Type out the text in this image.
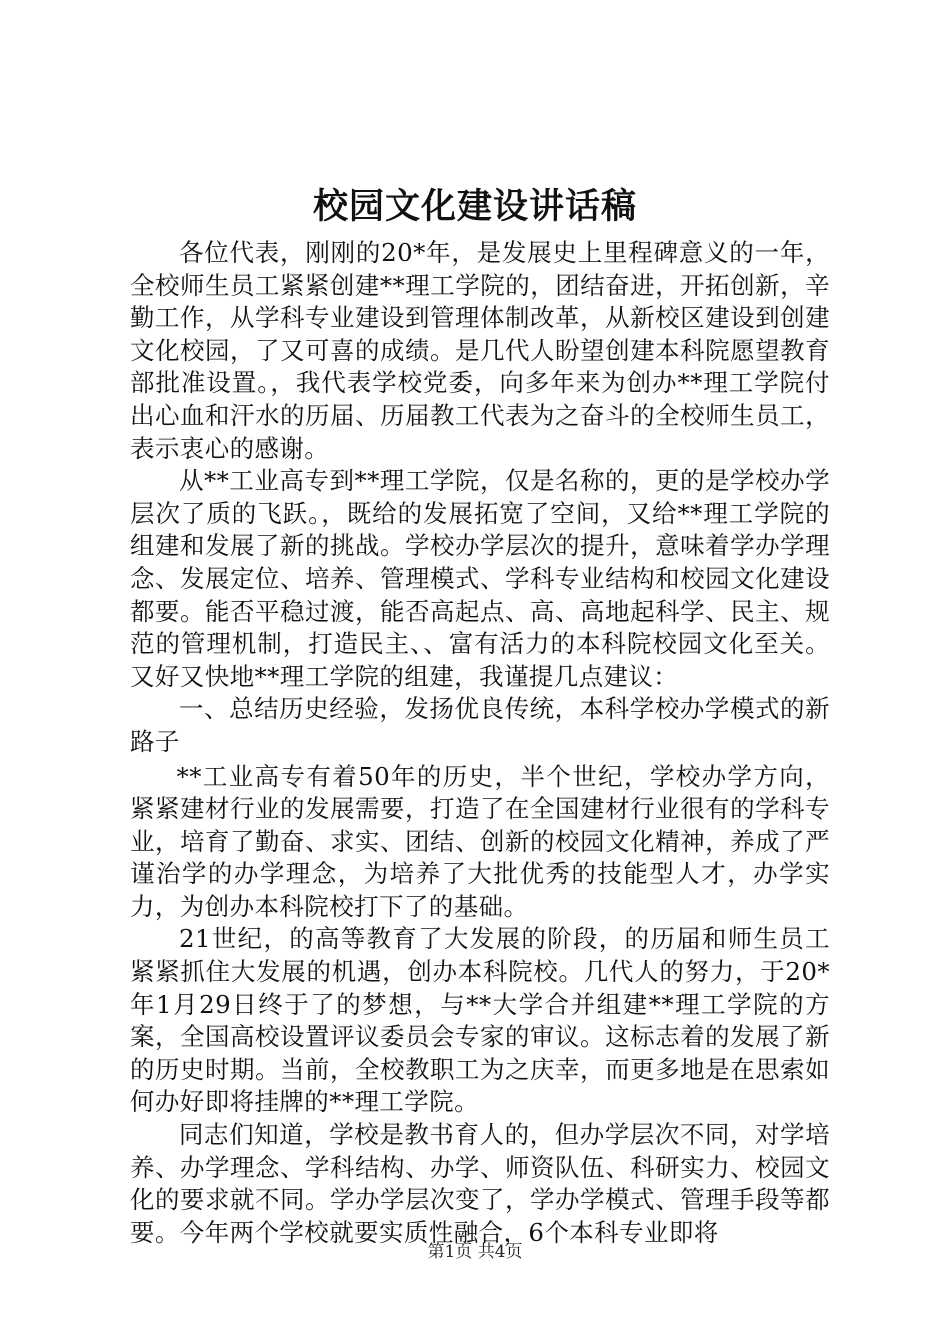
校园文化建设讲话稿

各位代表，刚刚的20*年，是发展史上里程碑意义的一年，全校师生员工紧紧创建**理工学院的，团结奋进，开拓创新，辛勤工作，从学科专业建设到管理体制改革，从新校区建设到创建文化校园，了又可喜的成绩。是几代人盼望创建本科院愿望教育部批准设置。，我代表学校党委，向多年来为创办**理工学院付出心血和汗水的历届、历届教工代表为之奋斗的全校师生员工，表示衷心的感谢。

从**工业高专到**理工学院，仅是名称的，更的是学校办学层次了质的飞跃。，既给的发展拓宽了空间，又给**理工学院的组建和发展了新的挑战。学校办学层次的提升，意味着学办学理念、发展定位、培养、管理模式、学科专业结构和校园文化建设都要。能否平稳过渡，能否高起点、高、高地起科学、民主、规范的管理机制，打造民主、、富有活力的本科院校园文化至关。又好又快地**理工学院的组建，我谨提几点建议：

一、总结历史经验，发扬优良传统，本科学校办学模式的新路子

**工业高专有着50年的历史，半个世纪，学校办学方向，紧紧建材行业的发展需要，打造了在全国建材行业很有的学科专业，培育了勤奋、求实、团结、创新的校园文化精神，养成了严谨治学的办学理念，为培养了大批优秀的技能型人才，办学实力，为创办本科院校打下了的基础。

21世纪，的高等教育了大发展的阶段，的历届和师生员工紧紧抓住大发展的机遇，创办本科院校。几代人的努力，于20*年1月29日终于了的梦想，与**大学合并组建**理工学院的方案，全国高校设置评议委员会专家的审议。这标志着的发展了新的历史时期。当前，全校教职工为之庆幸，而更多地是在思索如何办好即将挂牌的**理工学院。

同志们知道，学校是教书育人的，但办学层次不同，对学培养、办学理念、学科结构、办学、师资队伍、科研实力、校园文化的要求就不同。学办学层次变了，学办学模式、管理手段等都要。今年两个学校就要实质性融合，6个本科专业即将

第1页 共4页
